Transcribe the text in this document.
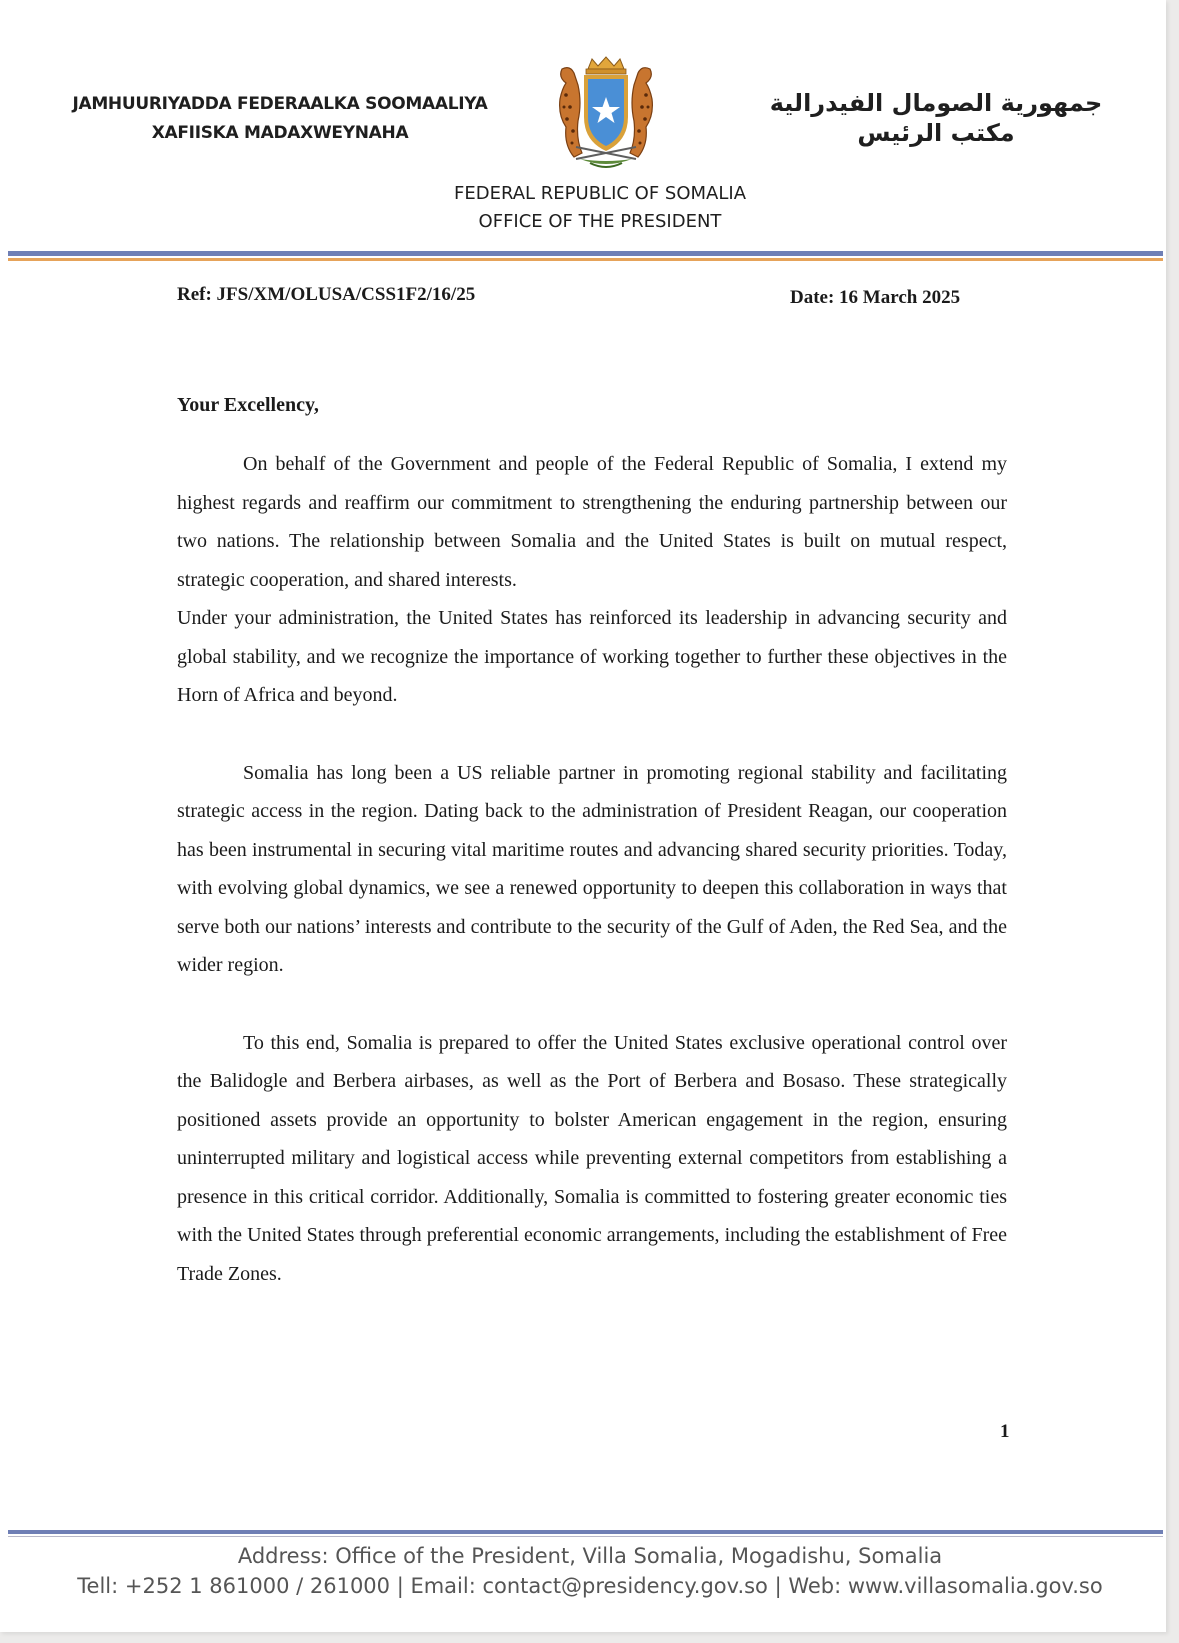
JAMHUURIYADDA FEDERAALKA SOOMAALIYA
XAFIISKA MADAXWEYNAHA
جمهورية الصومال الفيدرالية
مكتب الرئيس
FEDERAL REPUBLIC OF SOMALIA
OFFICE OF THE PRESIDENT
Ref: JFS/XM/OLUSA/CSS1F2/16/25	Date: 16 March 2025

Your Excellency,

On behalf of the Government and people of the Federal Republic of Somalia, I extend my highest regards and reaffirm our commitment to strengthening the enduring partnership between our two nations. The relationship between Somalia and the United States is built on mutual respect, strategic cooperation, and shared interests.

Under your administration, the United States has reinforced its leadership in advancing security and global stability, and we recognize the importance of working together to further these objectives in the Horn of Africa and beyond.

Somalia has long been a US reliable partner in promoting regional stability and facilitating strategic access in the region. Dating back to the administration of President Reagan, our cooperation has been instrumental in securing vital maritime routes and advancing shared security priorities. Today, with evolving global dynamics, we see a renewed opportunity to deepen this collaboration in ways that serve both our nations’ interests and contribute to the security of the Gulf of Aden, the Red Sea, and the wider region.

To this end, Somalia is prepared to offer the United States exclusive operational control over the Balidogle and Berbera airbases, as well as the Port of Berbera and Bosaso. These strategically positioned assets provide an opportunity to bolster American engagement in the region, ensuring uninterrupted military and logistical access while preventing external competitors from establishing a presence in this critical corridor. Additionally, Somalia is committed to fostering greater economic ties with the United States through preferential economic arrangements, including the establishment of Free Trade Zones.

1
Address: Office of the President, Villa Somalia, Mogadishu, Somalia
Tell: +252 1 861000 / 261000 | Email: contact@presidency.gov.so | Web: www.villasomalia.gov.so
